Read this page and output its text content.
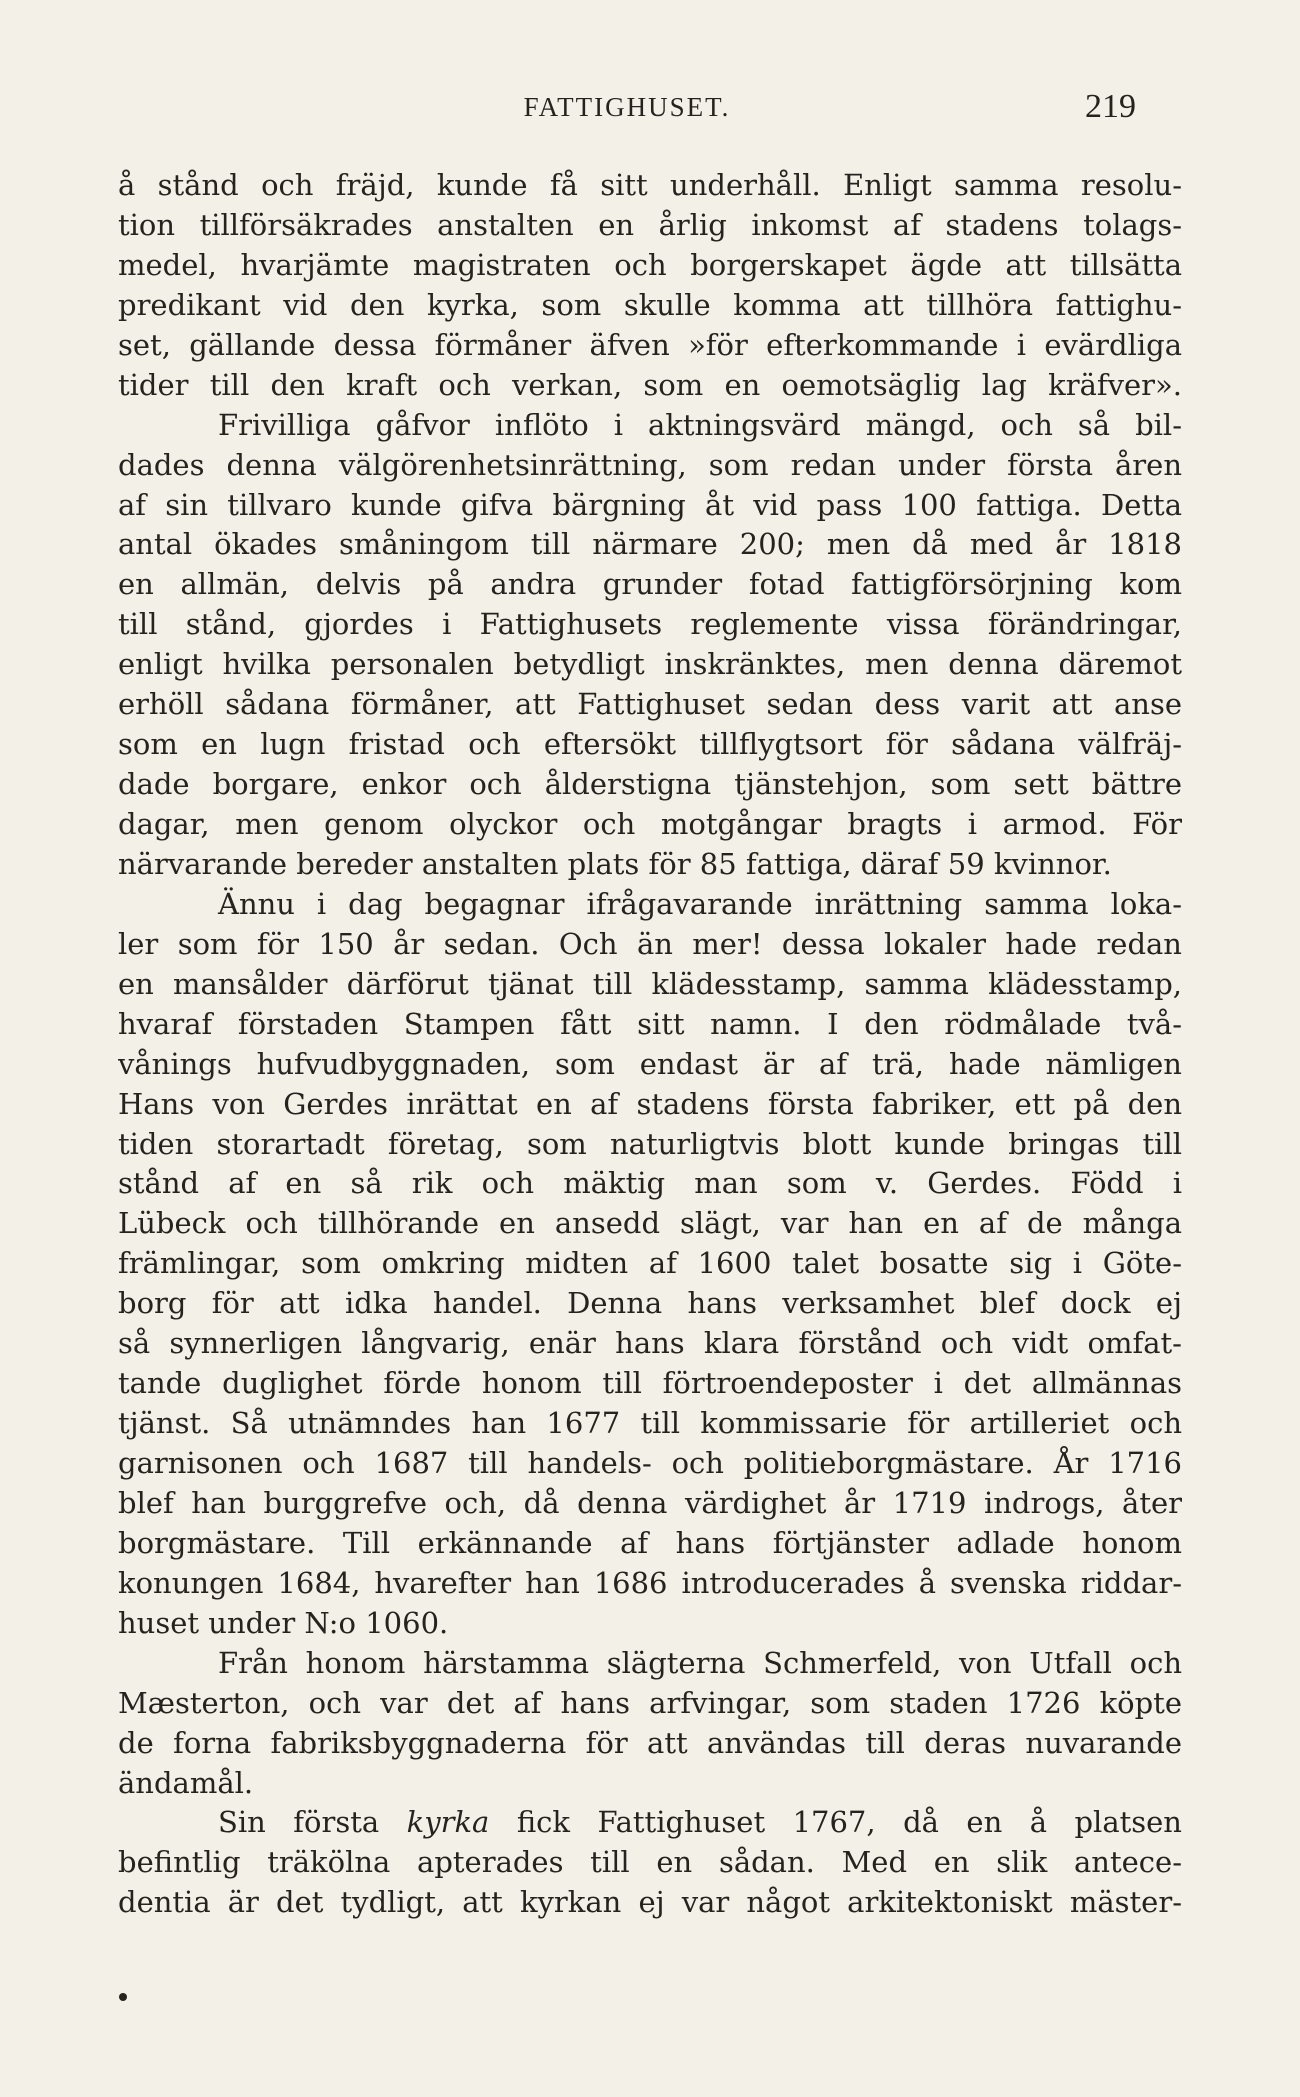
FATTIGHUSET.	219
å stånd och fräjd, kunde få sitt underhåll. Enligt samma resolu-
tion tillförsäkrades anstalten en årlig inkomst af stadens tolags-
medel, hvarjämte magistraten och borgerskapet ägde att tillsätta
predikant vid den kyrka, som skulle komma att tillhöra fattighu-
set, gällande dessa förmåner äfven »för efterkommande i evärdliga
tider till den kraft och verkan, som en oemotsäglig lag kräfver».
Frivilliga gåfvor inflöto i aktningsvärd mängd, och så bil-
dades denna välgörenhetsinrättning, som redan under första åren
af sin tillvaro kunde gifva bärgning åt vid pass 100 fattiga. Detta
antal ökades småningom till närmare 200; men då med år 1818
en allmän, delvis på andra grunder fotad fattigförsörjning kom
till stånd, gjordes i Fattighusets reglemente vissa förändringar,
enligt hvilka personalen betydligt inskränktes, men denna däremot
erhöll sådana förmåner, att Fattighuset sedan dess varit att anse
som en lugn fristad och eftersökt tillflygtsort för sådana välfräj-
dade borgare, enkor och ålderstigna tjänstehjon, som sett bättre
dagar, men genom olyckor och motgångar bragts i armod. För
närvarande bereder anstalten plats för 85 fattiga, däraf 59 kvinnor.
Ännu i dag begagnar ifrågavarande inrättning samma loka-
ler som för 150 år sedan. Och än mer! dessa lokaler hade redan
en mansålder därförut tjänat till klädesstamp, samma klädesstamp,
hvaraf förstaden Stampen fått sitt namn. I den rödmålade två-
vånings hufvudbyggnaden, som endast är af trä, hade nämligen
Hans von Gerdes inrättat en af stadens första fabriker, ett på den
tiden storartadt företag, som naturligtvis blott kunde bringas till
stånd af en så rik och mäktig man som v. Gerdes. Född i
Lübeck och tillhörande en ansedd slägt, var han en af de många
främlingar, som omkring midten af 1600 talet bosatte sig i Göte-
borg för att idka handel. Denna hans verksamhet blef dock ej
så synnerligen långvarig, enär hans klara förstånd och vidt omfat-
tande duglighet förde honom till förtroendeposter i det allmännas
tjänst. Så utnämndes han 1677 till kommissarie för artilleriet och
garnisonen och 1687 till handels- och politieborgmästare. År 1716
blef han burggrefve och, då denna värdighet år 1719 indrogs, åter
borgmästare. Till erkännande af hans förtjänster adlade honom
konungen 1684, hvarefter han 1686 introducerades å svenska riddar-
huset under N:o 1060.
Från honom härstamma slägterna Schmerfeld, von Utfall och
Mæsterton, och var det af hans arfvingar, som staden 1726 köpte
de forna fabriksbyggnaderna för att användas till deras nuvarande
ändamål.
Sin första kyrka fick Fattighuset 1767, då en å platsen
befintlig träkölna apterades till en sådan. Med en slik antece-
dentia är det tydligt, att kyrkan ej var något arkitektoniskt mäster-
